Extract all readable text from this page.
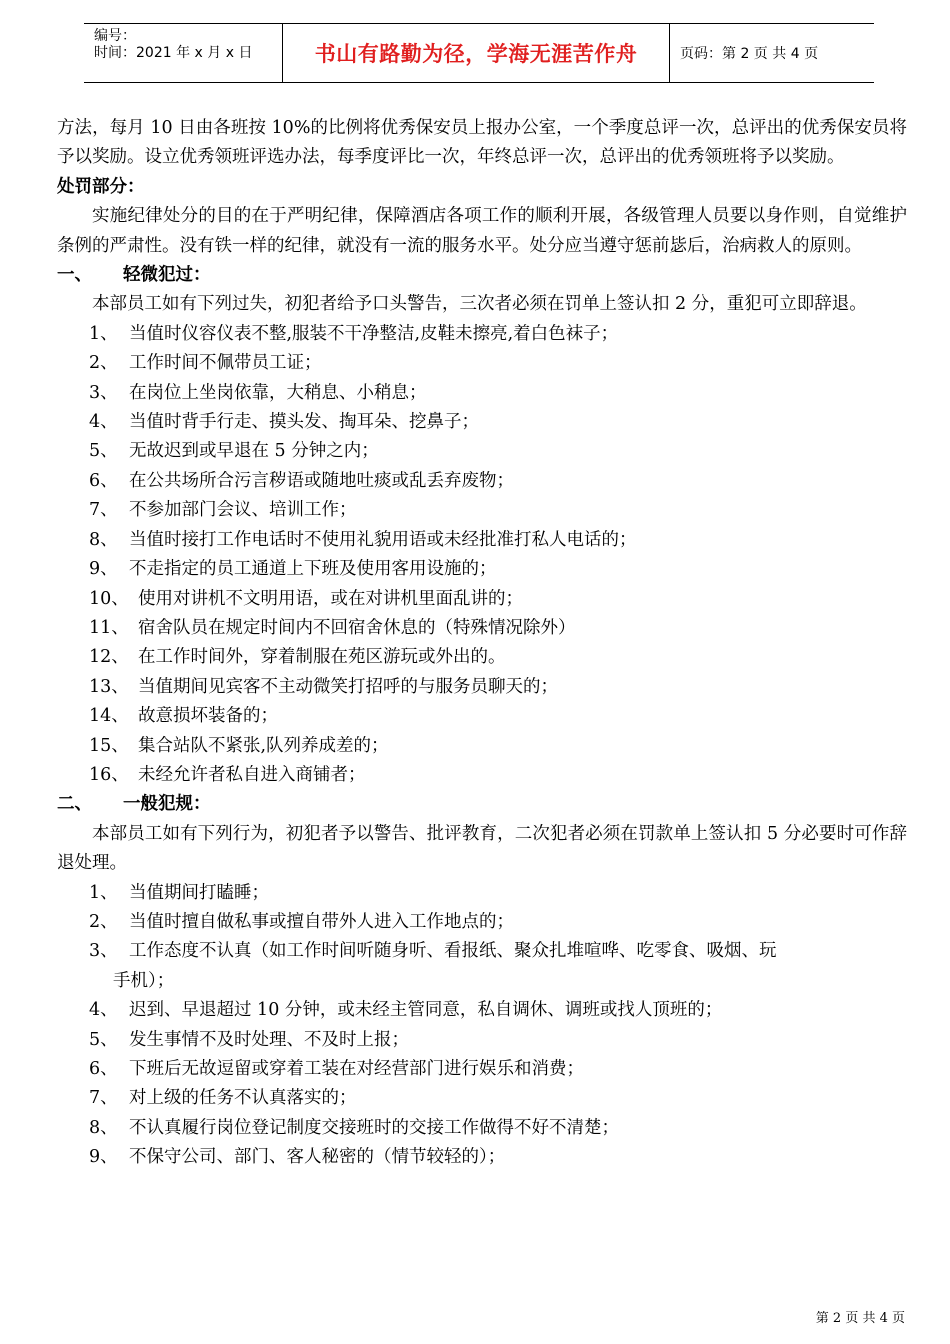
编号：
时间：2021 年 x 月 x 日	书山有路勤为径，学海无涯苦作舟	页码：第 2 页 共 4 页

方法，每月 10 日由各班按 10%的比例将优秀保安员上报办公室，一个季度总评一次，总评出的优秀保安员将予以奖励。设立优秀领班评选办法，每季度评比一次，年终总评一次，总评出的优秀领班将予以奖励。

处罚部分：

实施纪律处分的目的在于严明纪律，保障酒店各项工作的顺利开展，各级管理人员要以身作则，自觉维护条例的严肃性。没有铁一样的纪律，就没有一流的服务水平。处分应当遵守惩前毖后，治病救人的原则。

一、	轻微犯过：

本部员工如有下列过失，初犯者给予口头警告，三次者必须在罚单上签认扣 2 分，重犯可立即辞退。

1、 当值时仪容仪表不整,服装不干净整洁,皮鞋未擦亮,着白色袜子；
2、 工作时间不佩带员工证；
3、 在岗位上坐岗依靠，大稍息、小稍息；
4、 当值时背手行走、摸头发、掏耳朵、挖鼻子；
5、 无故迟到或早退在 5 分钟之内；
6、 在公共场所合污言秽语或随地吐痰或乱丢弃废物；
7、 不参加部门会议、培训工作；
8、 当值时接打工作电话时不使用礼貌用语或未经批准打私人电话的；
9、 不走指定的员工通道上下班及使用客用设施的；
10、 使用对讲机不文明用语，或在对讲机里面乱讲的；
11、 宿舍队员在规定时间内不回宿舍休息的（特殊情况除外）
12、 在工作时间外，穿着制服在苑区游玩或外出的。
13、 当值期间见宾客不主动微笑打招呼的与服务员聊天的；
14、 故意损坏装备的；
15、 集合站队不紧张,队列养成差的；
16、 未经允许者私自进入商铺者；
二、	一般犯规：

本部员工如有下列行为，初犯者予以警告、批评教育，二次犯者必须在罚款单上签认扣 5 分必要时可作辞退处理。

1、 当值期间打瞌睡；
2、 当值时擅自做私事或擅自带外人进入工作地点的；
3、 工作态度不认真（如工作时间听随身听、看报纸、聚众扎堆喧哗、吃零食、吸烟、玩
手机）；
4、 迟到、早退超过 10 分钟，或未经主管同意，私自调休、调班或找人顶班的；
5、 发生事情不及时处理、不及时上报；
6、 下班后无故逗留或穿着工装在对经营部门进行娱乐和消费；
7、 对上级的任务不认真落实的；
8、 不认真履行岗位登记制度交接班时的交接工作做得不好不清楚；
9、 不保守公司、部门、客人秘密的（情节较轻的）；
第 2 页 共 4 页
